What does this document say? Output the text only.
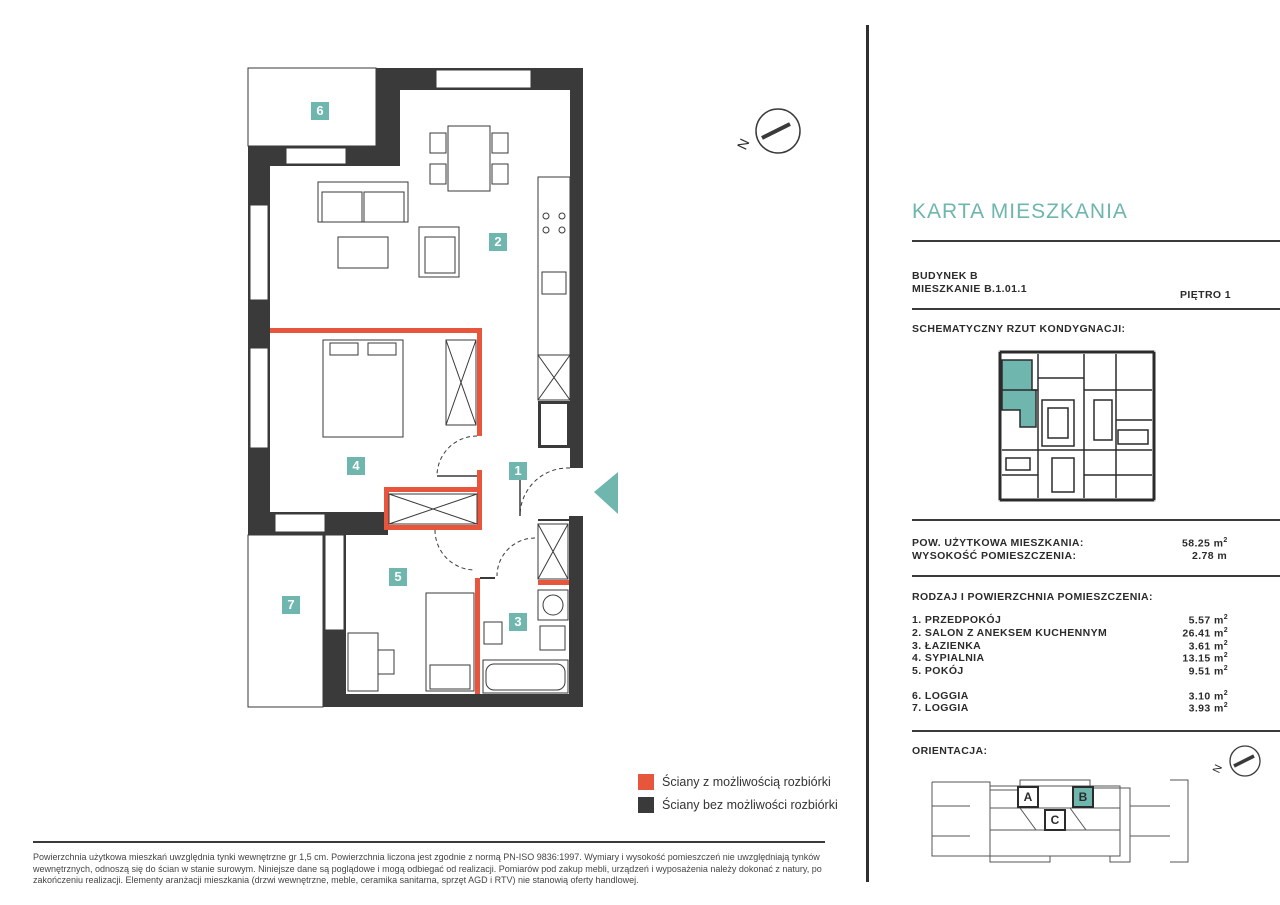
N
6
2
4	1
5
7
3
Ściany z możliwością rozbiórki
Ściany bez możliwości rozbiórki
Powierzchnia użytkowa mieszkań uwzględnia tynki wewnętrzne gr 1,5 cm. Powierzchnia liczona jest zgodnie z normą PN-ISO 9836:1997. Wymiary i wysokość pomieszczeń nie uwzględniają tynków wewnętrznych, odnoszą się do ścian w stanie surowym. Niniejsze dane są poglądowe i mogą odbiegać od realizacji. Pomiarów pod zakup mebli, urządzeń i wyposażenia należy dokonać z natury, po zakończeniu realizacji. Elementy aranżacji mieszkania (drzwi wewnętrzne, meble, ceramika sanitarna, sprzęt AGD i RTV) nie stanowią oferty handlowej.
KARTA MIESZKANIA
BUDYNEK B
MIESZKANIE B.1.01.1	PIĘTRO 1
SCHEMATYCZNY RZUT KONDYGNACJI:
POW. UŻYTKOWA MIESZKANIA:	58.25 $m^2$
WYSOKOŚĆ POMIESZCZENIA:	2.78 m
RODZAJ I POWIERZCHNIA POMIESZCZENIA:
1. PRZEDPOKÓJ	5.57 $m^2$
2. SALON Z ANEKSEM KUCHENNYM	26.41 $m^2$
3. ŁAZIENKA	3.61 $m^2$
4. SYPIALNIA	13.15 $m^2$
5. POKÓJ	9.51 $m^2$
6. LOGGIA	3.10 $m^2$
7. LOGGIA	3.93 $m^2$
ORIENTACJA:
N
A	B
C
